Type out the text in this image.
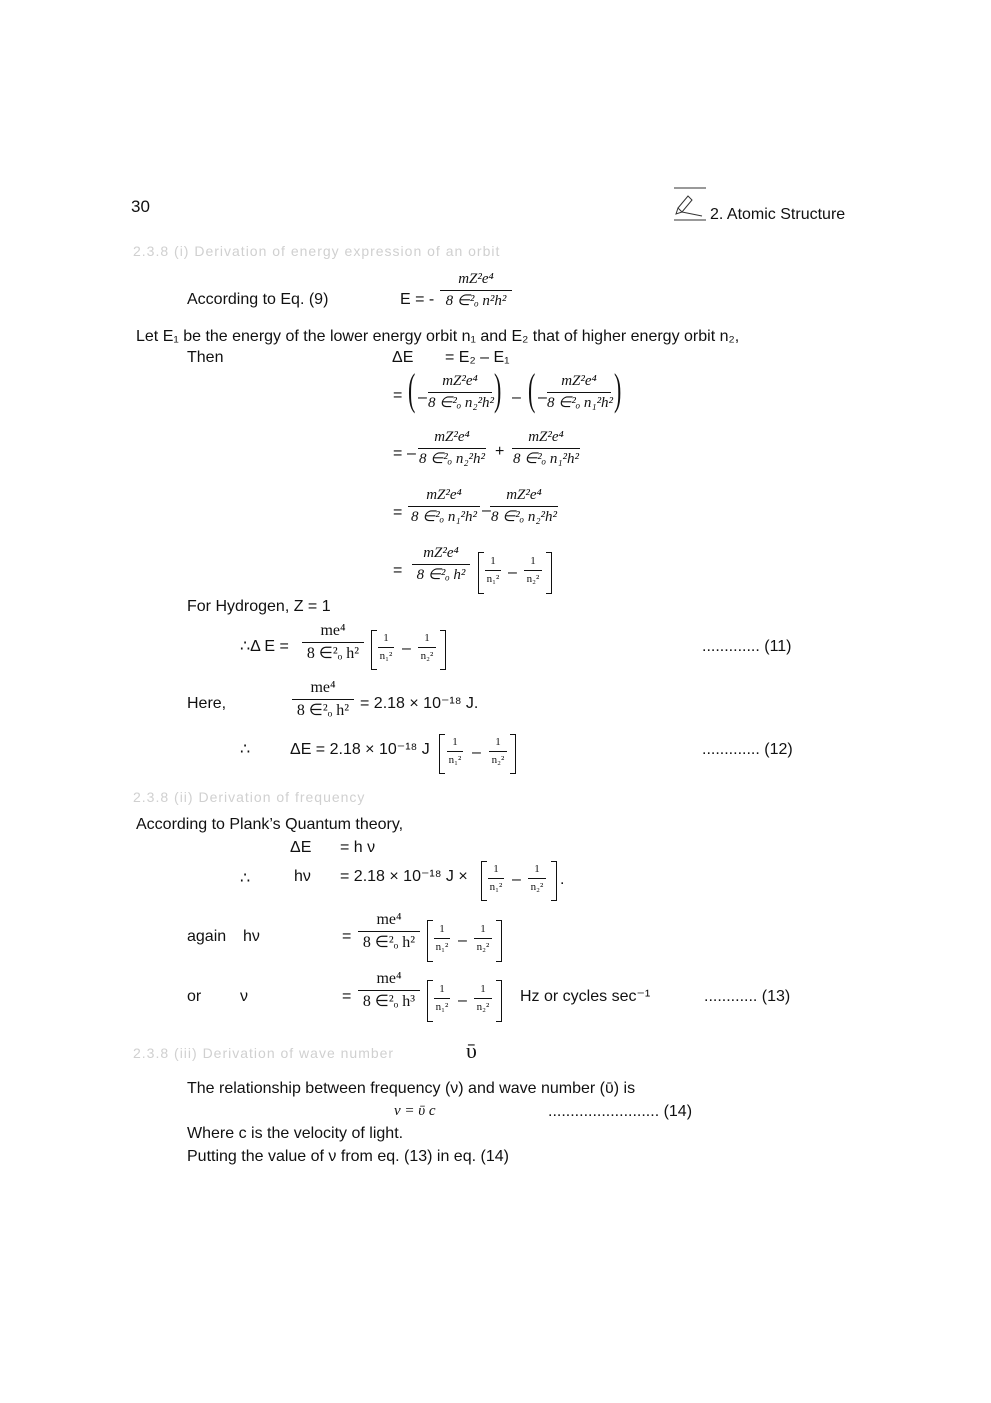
30	2. Atomic Structure
2.3.8 (i) Derivation of energy expression of an orbit
According to Eq. (9)	E = -
mZ²e⁴
8 ∈²ₒ n²h²
Let E₁ be the energy of the lower energy orbit n₁ and E₂ that of higher energy orbit n₂,
Then	ΔE = E₂ – E₁
= ( –
mZ²e⁴
8 ∈²ₒ n₂²h² ) – ( –
mZ²e⁴
8 ∈²ₒ n₁²h² )
= –
mZ²e⁴
8 ∈²ₒ n₂²h² +
mZ²e⁴
8 ∈²ₒ n₁²h²
=
mZ²e⁴
8 ∈²ₒ n₁²h² –
mZ²e⁴
8 ∈²ₒ n₂²h²
=
mZ²e⁴
8 ∈²ₒ h²
1
n₁² –
1
n₂²
For Hydrogen, Z = 1
∴Δ E =
me⁴
8 ∈²ₒ h²
1
n₁² –
1
n₂²
............. (11)
Here,
me⁴
8 ∈²ₒ h² = 2.18 × 10⁻¹⁸ J.
∴ ΔE = 2.18 × 10⁻¹⁸ J	1
n₁² –
1
n₂²
............. (12)
2.3.8 (ii) Derivation of frequency
According to Plank’s Quantum theory,
ΔE = h ν
∴	hν = 2.18 × 10⁻¹⁸ J ×	1
n₁² –
1
n₂² .
again hν	=
me⁴
8 ∈²ₒ h²
1
n₁² –
1
n₂²
or ν	=
me⁴
8 ∈²ₒ h³
1
n₁² –
1
n₂²
Hz or cycles sec⁻¹	............ (13)
2.3.8 (iii) Derivation of wave number	ῡ
The relationship between frequency (ν) and wave number (ῡ) is
ν = ῡ c	......................... (14)
Where c is the velocity of light.
Putting the value of ν from eq. (13) in eq. (14)
